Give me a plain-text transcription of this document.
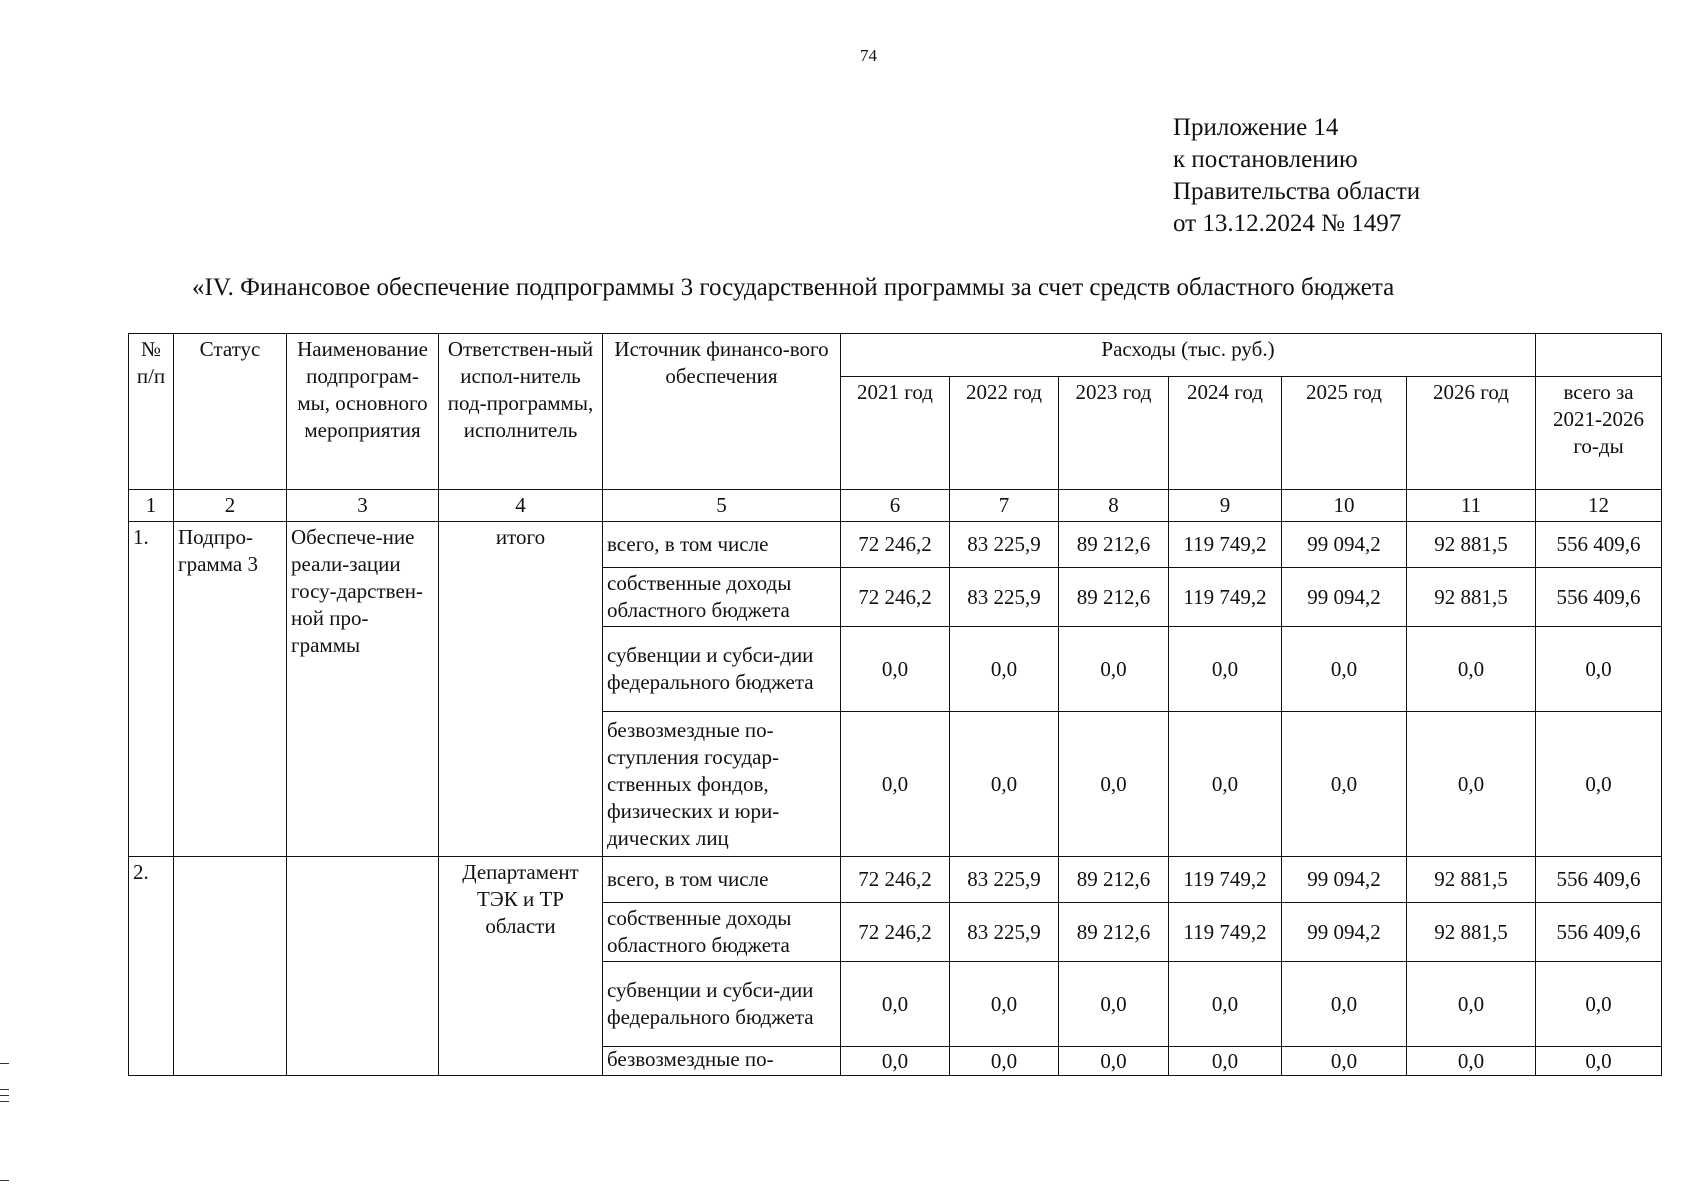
74
Приложение 14
к постановлению
Правительства области
от 13.12.2024 № 1497
«IV. Финансовое обеспечение подпрограммы 3 государственной программы за счет средств областного бюджета
№ п/п	Статус	Наименование подпрограм-мы, основного мероприятия	Ответствен-ный испол-нитель под-программы, исполнитель	Источник финансо-вого обеспечения	Расходы (тыс. руб.)						
					2021 год	2022 год	2023 год	2024 год	2025 год	2026 год	всего за 2021-2026 го-ды
1	2	3	4	5	6	7	8	9	10	11	12
1.	Подпро-грамма 3	Обеспече-ние реали-зации госу-дарствен-ной про-граммы	итого	всего, в том числе	72 246,2	83 225,9	89 212,6	119 749,2	99 094,2	92 881,5	556 409,6
				собственные доходы областного бюджета	72 246,2	83 225,9	89 212,6	119 749,2	99 094,2	92 881,5	556 409,6
				субвенции и субси-дии федерального бюджета	0,0	0,0	0,0	0,0	0,0	0,0	0,0
				безвозмездные по-ступления государ-ственных фондов, физических и юри-дических лиц	0,0	0,0	0,0	0,0	0,0	0,0	0,0
2.			Департамент ТЭК и ТР области	всего, в том числе	72 246,2	83 225,9	89 212,6	119 749,2	99 094,2	92 881,5	556 409,6
				собственные доходы областного бюджета	72 246,2	83 225,9	89 212,6	119 749,2	99 094,2	92 881,5	556 409,6
				субвенции и субси-дии федерального бюджета	0,0	0,0	0,0	0,0	0,0	0,0	0,0
				безвозмездные по-	0,0	0,0	0,0	0,0	0,0	0,0	0,0
